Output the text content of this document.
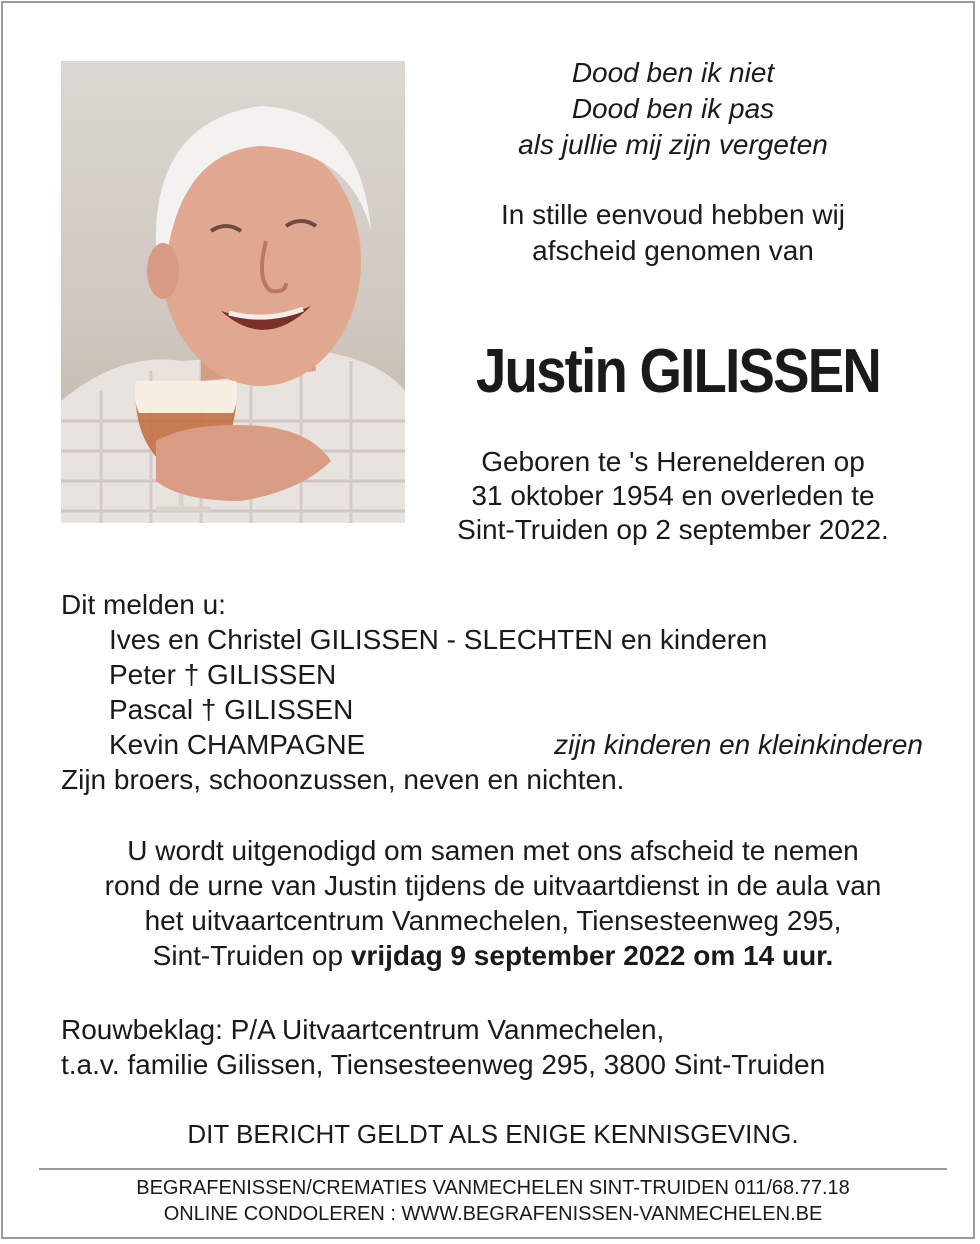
Dood ben ik niet
Dood ben ik pas
als jullie mij zijn vergeten
In stille eenvoud hebben wij
afscheid genomen van
Justin GILISSEN
Geboren te 's Herenelderen op
31 oktober 1954 en overleden te
Sint-Truiden op 2 september 2022.
Dit melden u:
Ives en Christel GILISSEN - SLECHTEN en kinderen
Peter † GILISSEN
Pascal † GILISSEN
Kevin CHAMPAGNE	zijn kinderen en kleinkinderen
Zijn broers, schoonzussen, neven en nichten.
U wordt uitgenodigd om samen met ons afscheid te nemen
rond de urne van Justin tijdens de uitvaartdienst in de aula van
het uitvaartcentrum Vanmechelen, Tiensesteenweg 295,
Sint-Truiden op vrijdag 9 september 2022 om 14 uur.
Rouwbeklag: P/A Uitvaartcentrum Vanmechelen,
t.a.v. familie Gilissen, Tiensesteenweg 295, 3800 Sint-Truiden
DIT BERICHT GELDT ALS ENIGE KENNISGEVING.
BEGRAFENISSEN/CREMATIES VANMECHELEN SINT-TRUIDEN 011/68.77.18
ONLINE CONDOLEREN : WWW.BEGRAFENISSEN-VANMECHELEN.BE
